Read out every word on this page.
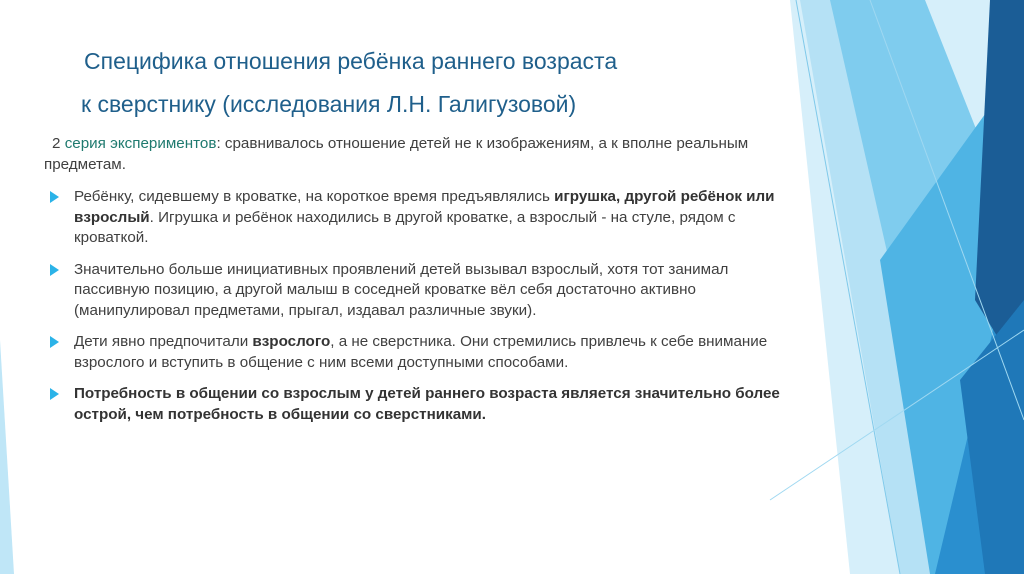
Специфика отношения ребёнка раннего возраста
к сверстнику (исследования Л.Н. Галигузовой)

2 серия экспериментов: сравнивалось отношение детей не к изображениям, а к вполне реальным предметам.

Ребёнку, сидевшему в кроватке, на короткое время предъявлялись игрушка, другой ребёнок или взрослый. Игрушка и ребёнок находились в другой кроватке, а взрослый - на стуле, рядом с кроваткой.
Значительно больше инициативных проявлений детей вызывал взрослый, хотя тот занимал пассивную позицию, а другой малыш в соседней кроватке вёл себя достаточно активно (манипулировал предметами, прыгал, издавал различные звуки).
Дети явно предпочитали взрослого, а не сверстника. Они стремились привлечь к себе внимание взрослого и вступить в общение с ним всеми доступными способами.
Потребность в общении со взрослым у детей раннего возраста является значительно более острой, чем потребность в общении со сверстниками.
